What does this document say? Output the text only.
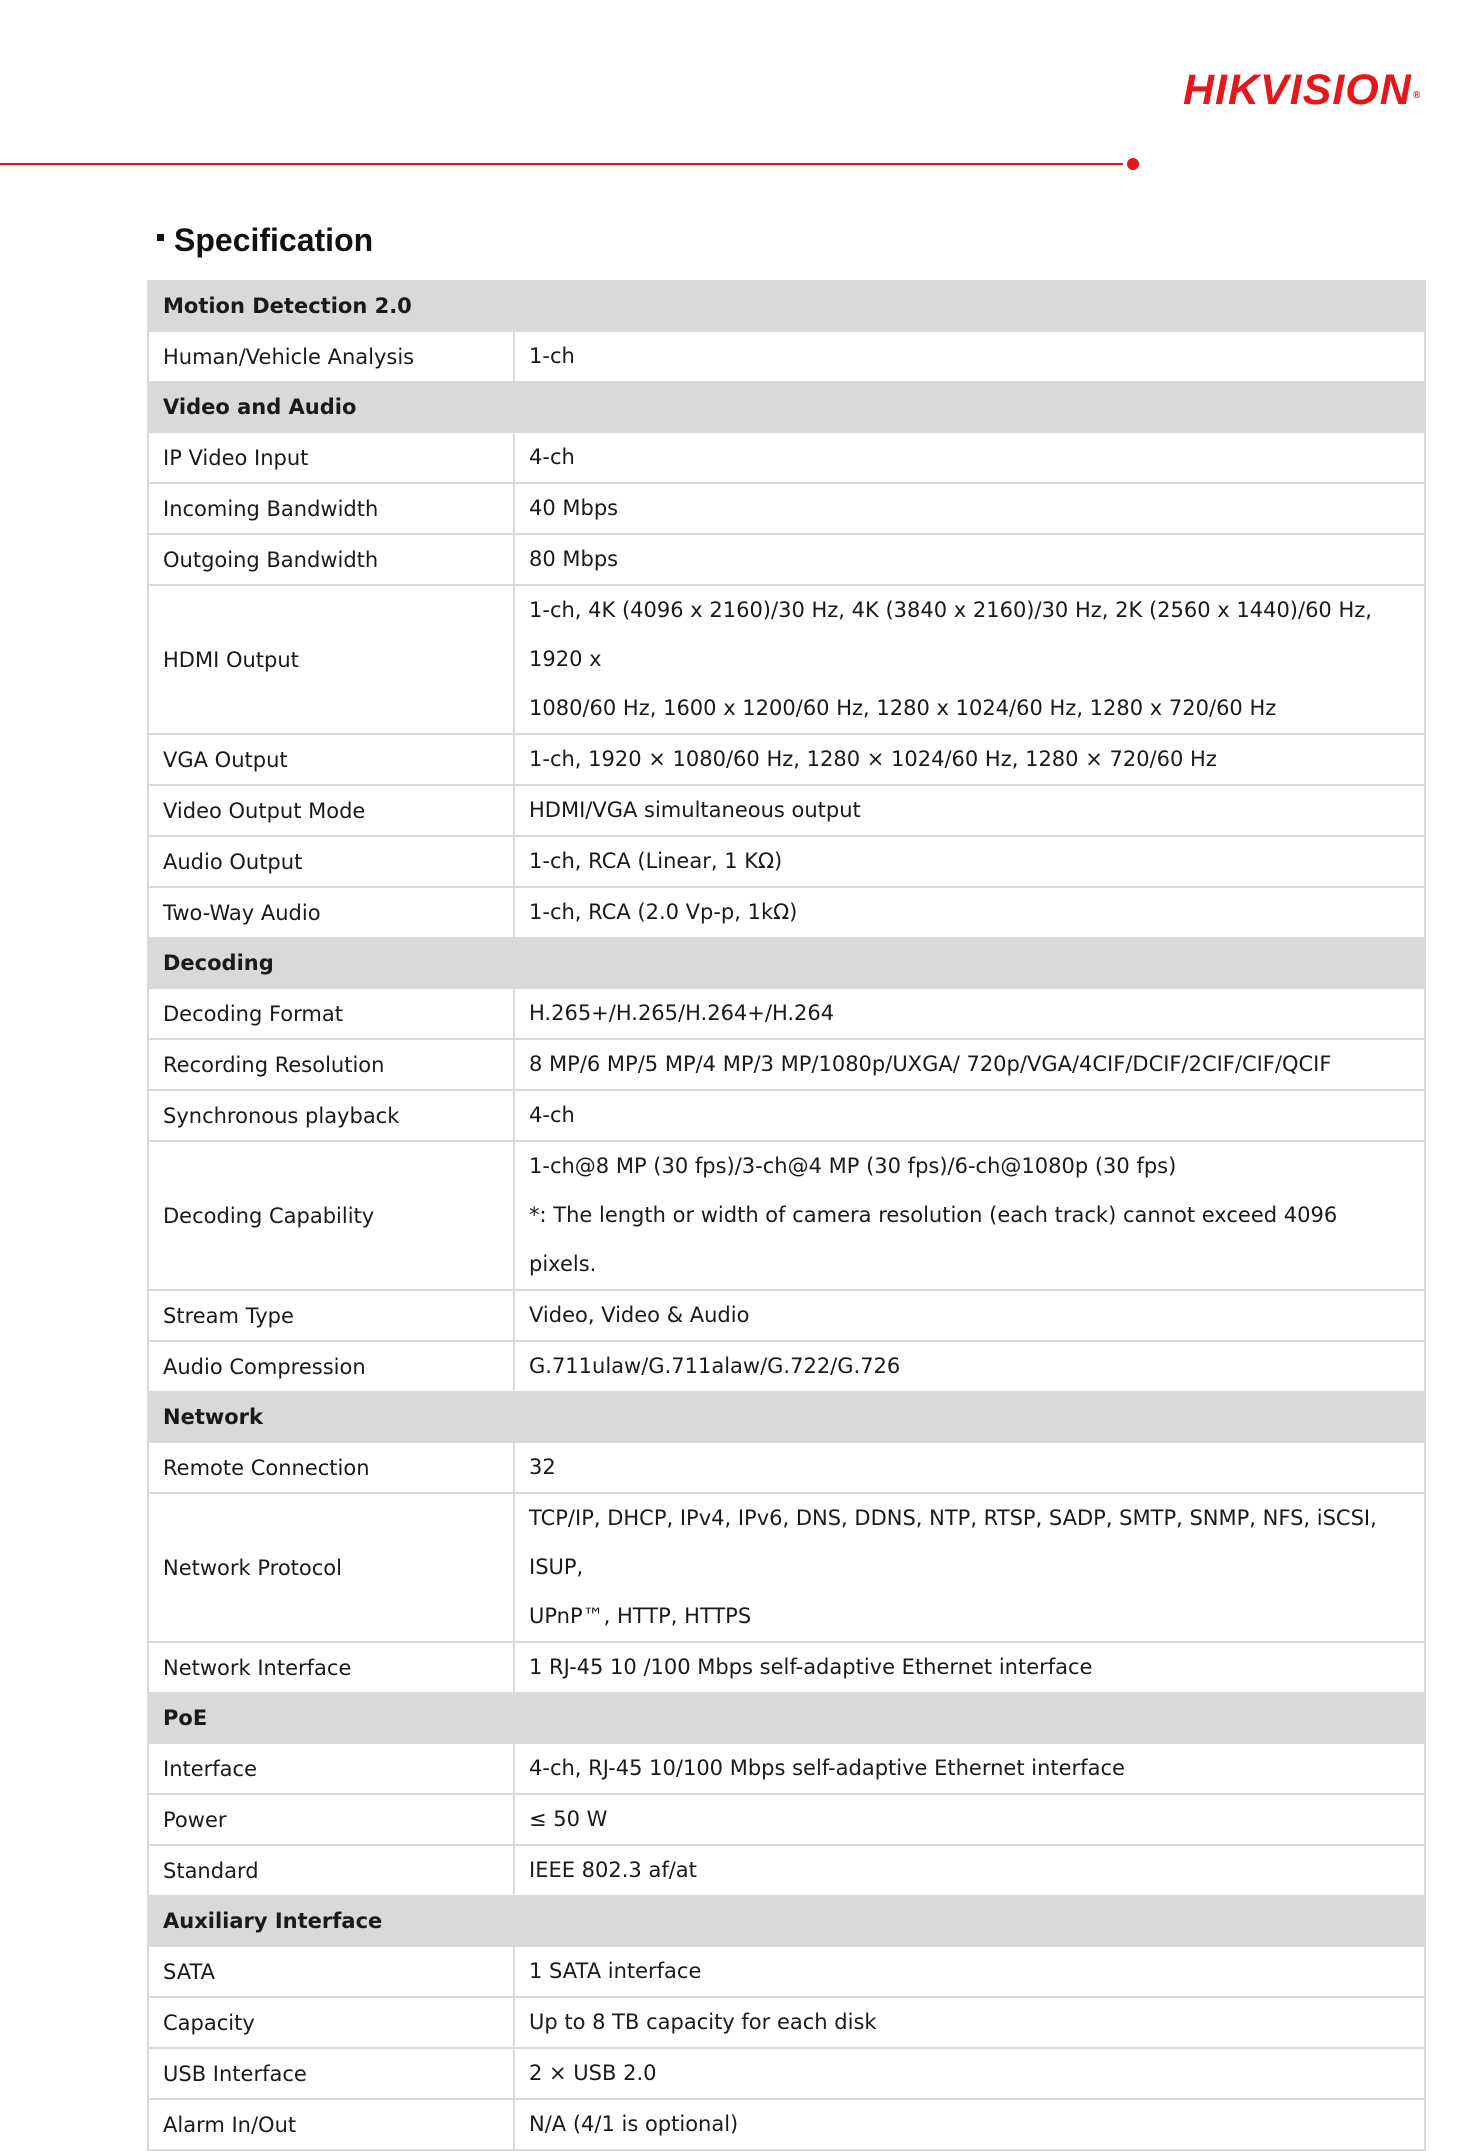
HIKVISION®
Specification
Motion Detection 2.0	
Human/Vehicle Analysis	1-ch

Video and Audio	
IP Video Input	4-ch

Incoming Bandwidth	40 Mbps

Outgoing Bandwidth	80 Mbps

HDMI Output	1-ch, 4K (4096 x 2160)/30 Hz, 4K (3840 x 2160)/30 Hz, 2K (2560 x 1440)/60 Hz, 1920 x
1080/60 Hz, 1600 x 1200/60 Hz, 1280 x 1024/60 Hz, 1280 x 720/60 Hz

VGA Output	1-ch, 1920 × 1080/60 Hz, 1280 × 1024/60 Hz, 1280 × 720/60 Hz

Video Output Mode	HDMI/VGA simultaneous output

Audio Output	1-ch, RCA (Linear, 1 KΩ)

Two-Way Audio	1-ch, RCA (2.0 Vp-p, 1kΩ)

Decoding	
Decoding Format	H.265+/H.265/H.264+/H.264

Recording Resolution	8 MP/6 MP/5 MP/4 MP/3 MP/1080p/UXGA/ 720p/VGA/4CIF/DCIF/2CIF/CIF/QCIF

Synchronous playback	4-ch

Decoding Capability	1-ch@8 MP (30 fps)/3-ch@4 MP (30 fps)/6-ch@1080p (30 fps)
*: The length or width of camera resolution (each track) cannot exceed 4096 pixels.

Stream Type	Video, Video & Audio

Audio Compression	G.711ulaw/G.711alaw/G.722/G.726

Network	
Remote Connection	32

Network Protocol	TCP/IP, DHCP, IPv4, IPv6, DNS, DDNS, NTP, RTSP, SADP, SMTP, SNMP, NFS, iSCSI, ISUP,
UPnP™, HTTP, HTTPS

Network Interface	1 RJ-45 10 /100 Mbps self-adaptive Ethernet interface

PoE	
Interface	4-ch, RJ-45 10/100 Mbps self-adaptive Ethernet interface

Power	≤ 50 W

Standard	IEEE 802.3 af/at

Auxiliary Interface	
SATA	1 SATA interface

Capacity	Up to 8 TB capacity for each disk

USB Interface	2 × USB 2.0

Alarm In/Out	N/A (4/1 is optional)
